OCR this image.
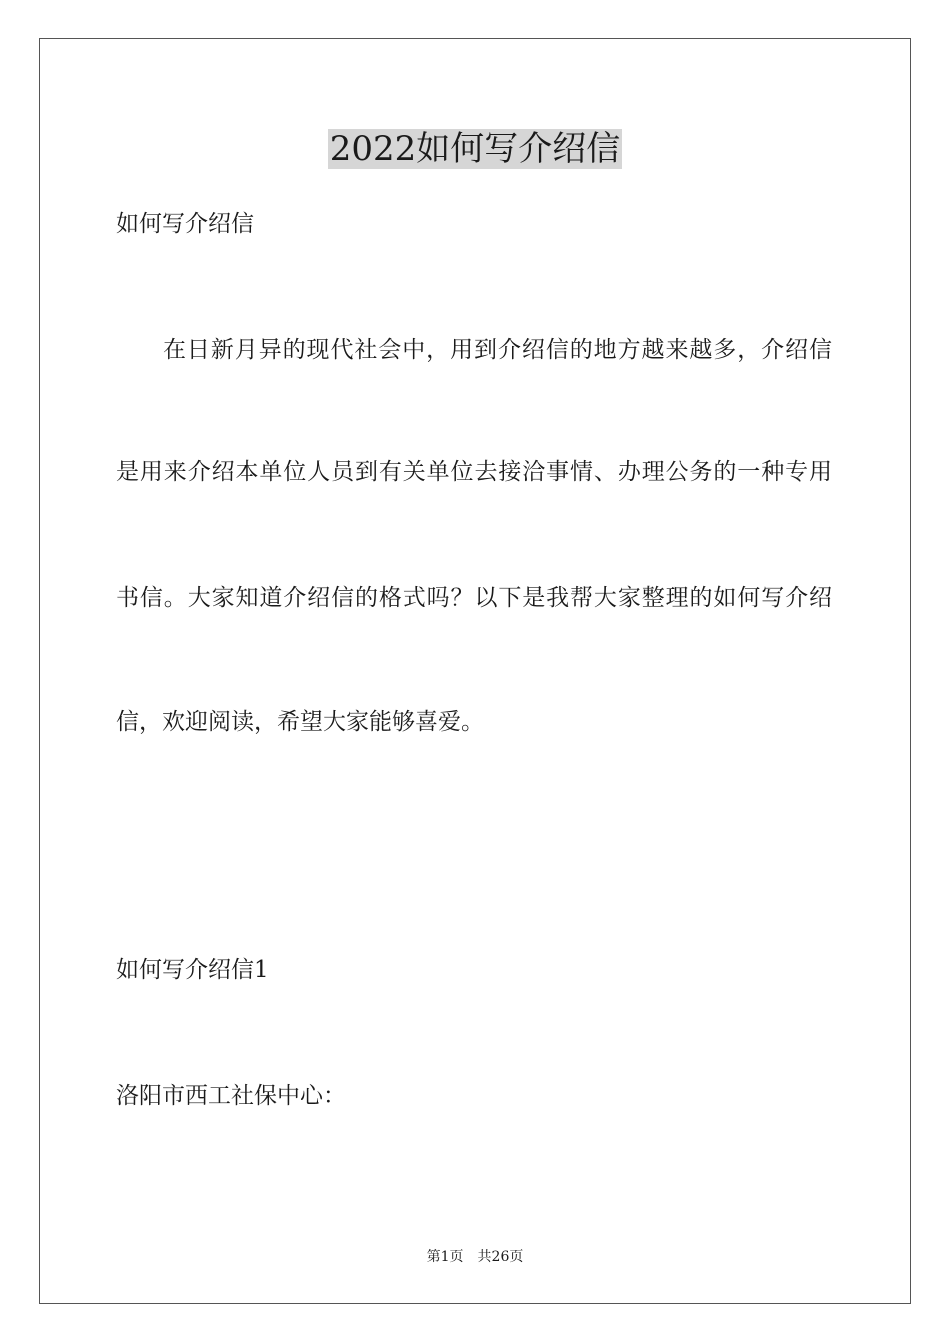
2022如何写介绍信
如何写介绍信
在日新月异的现代社会中，用到介绍信的地方越来越多，介绍信
是用来介绍本单位人员到有关单位去接洽事情、办理公务的一种专用
书信。大家知道介绍信的格式吗？以下是我帮大家整理的如何写介绍
信，欢迎阅读，希望大家能够喜爱。
如何写介绍信1
洛阳市西工社保中心：
第1页　共26页
